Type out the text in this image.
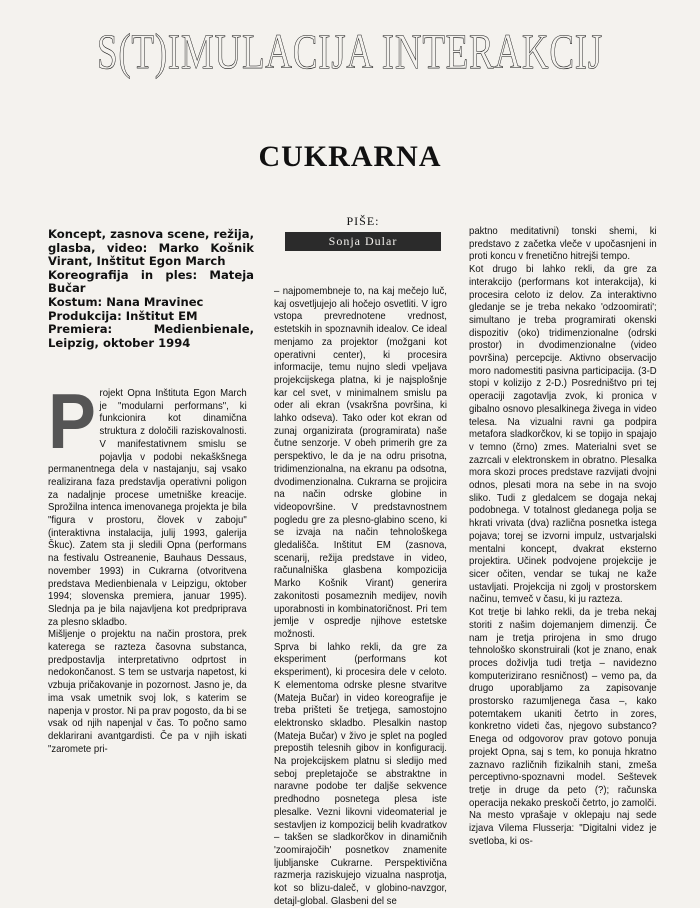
S(T)IMULACIJA INTERAKCIJ
CUKRARNA

Koncept, zasnova scene, režija, glasba, video: Marko Košnik Virant, Inštitut Egon March

Koreografija in ples: Mateja Bučar

Kostum: Nana Mravinec

Produkcija: Inštitut EM

Premiera: Medienbienale, Leipzig, oktober 1994

PIŠE:
Sonja Dular
P rojekt Opna Inštituta Egon March je "modularni performans", ki funkcionira kot dinamična struktura z določili raziskovalnosti. V manifestativnem smislu se pojavlja v podobi nekaškšnega permanentnega dela v nastajanju, saj vsako realizirana faza predstavlja operativni poligon za nadaljnje procese umetniške kreacije. Sprožilna intenca imenovanega projekta je bila "figura v prostoru, človek v zaboju" (interaktivna instalacija, julij 1993, galerija Škuc). Zatem sta ji sledili Opna (performans na festivalu Ostreanenie, Bauhaus Dessaus, november 1993) in Cukrarna (otvoritvena predstava Medienbienala v Leipzigu, oktober 1994; slovenska premiera, januar 1995). Slednja pa je bila najavljena kot predpriprava za plesno skladbo.

Mišljenje o projektu na način prostora, prek katerega se razteza časovna substanca, predpostavlja interpretativno odprtost in nedokončanost. S tem se ustvarja napetost, ki vzbuja pričakovanje in pozornost. Jasno je, da ima vsak umetnik svoj lok, s katerim se napenja v prostor. Ni pa prav pogosto, da bi se vsak od njih napenjal v čas. To počno samo deklarirani avantgardisti. Če pa v njih iskati "zaromete pri-

– najpomembneje to, na kaj mečejo luč, kaj osvetljujejo ali hočejo osvetliti. V igro vstopa prevrednotene vrednost, estetskih in spoznavnih idealov. Ce ideal menjamo za projektor (možgani kot operativni center), ki procesira informacije, temu nujno sledi vpeljava projekcijskega platna, ki je najsplošnje kar cel svet, v minimalnem smislu pa oder ali ekran (vsakršna površina, ki lahko odseva). Tako oder kot ekran od zunaj organizirata (programirata) naše čutne senzorje. V obeh primerih gre za perspektivo, le da je na odru prisotna, tridimenzionalna, na ekranu pa odsotna, dvodimenzionalna. Cukrarna se projicira na način odrske globine in videopovršine. V predstavnostnem pogledu gre za plesno-glabino sceno, ki se izvaja na način tehnološkega gledališča. Inštitut EM (zasnova, scenarij, režija predstave in video, računalniška glasbena kompozicija Marko Košnik Virant) generira zakonitosti posameznih medijev, novih uporabnosti in kombinatoričnost. Pri tem jemlje v ospredje njihove estetske možnosti.

Sprva bi lahko rekli, da gre za eksperiment (performans kot eksperiment), ki procesira dele v celoto. K elementoma odrske plesne stvaritve (Mateja Bučar) in video koreografije je treba prišteti še tretjega, samostojno elektronsko skladbo. Plesalkin nastop (Mateja Bučar) v živo je splet na pogled prepostih telesnih gibov in konfiguracij. Na projekcijskem platnu si sledijo med seboj prepletajoče se abstraktne in naravne podobe ter daljše sekvence predhodno posnetega plesa iste plesalke. Vezni likovni videomaterial je sestavljen iz kompozicij belih kvadratkov – takšen se sladkorčkov in dinamičnih 'zoomirajočih' posnetkov znamenite ljubljanske Cukrarne. Perspektivična razmerja raziskujejo vizualna nasprotja, kot so blizu-daleč, v globino-navzgor, detajl-global. Glasbeni del se

paktno meditativni) tonski shemi, ki predstavo z začetka vleče v upočasnjeni in proti koncu v frenetično hitrejši tempo.

Kot drugo bi lahko rekli, da gre za interakcijo (performans kot interakcija), ki procesira celoto iz delov. Za interaktivno gledanje se je treba nekako 'odzoomirati'; simultano je treba programirati okenski dispozitiv (oko) tridimenzionalne (odrski prostor) in dvodimenzionalne (video površina) percepcije. Aktivno observacijo moro nadomestiti pasivna participacija. (3-D stopi v kolizijo z 2-D.) Posredništvo pri tej operaciji zagotavlja zvok, ki pronica v gibalno osnovo plesalkinega živega in video telesa. Na vizualni ravni ga podpira metafora sladkorčkov, ki se topijo in spajajo v temno (črno) zmes. Materialni svet se zazrcali v elektronskem in obratno. Plesalka mora skozi proces predstave razvijati dvojni odnos, plesati mora na sebe in na svojo sliko. Tudi z gledalcem se dogaja nekaj podobnega. V totalnost gledanega polja se hkrati vrivata (dva) različna posnetka istega pojava; torej se izvorni impulz, ustvarjalski mentalni koncept, dvakrat eksterno projektira. Učinek podvojene projekcije je sicer očiten, vendar se tukaj ne kaže ustavljati. Projekcija ni zgolj v prostorskem načinu, temveč v času, ki ju razteza.

Kot tretje bi lahko rekli, da je treba nekaj storiti z našim dojemanjem dimenzij. Če nam je tretja prirojena in smo drugo tehnološko skonstruirali (kot je znano, enak proces doživlja tudi tretja – navidezno komputerizirano resničnost) – vemo pa, da drugo uporabljamo za zapisovanje prostorsko razumljenega časa –, kako potemtakem ukaniti četrto in zores, konkretno videti čas, njegovo substanco? Enega od odgovorov prav gotovo ponuja projekt Opna, saj s tem, ko ponuja hkratno zaznavo različnih fizikalnih stani, zmeša perceptivno-spoznavni model. Seštevek tretje in druge da peto (?); računska operacija nekako preskoči četrto, jo zamolči. Na mesto vprašaje v oklepaju naj sede izjava Vilema Flusserja: "Digitalni videz je svetloba, ki os-
